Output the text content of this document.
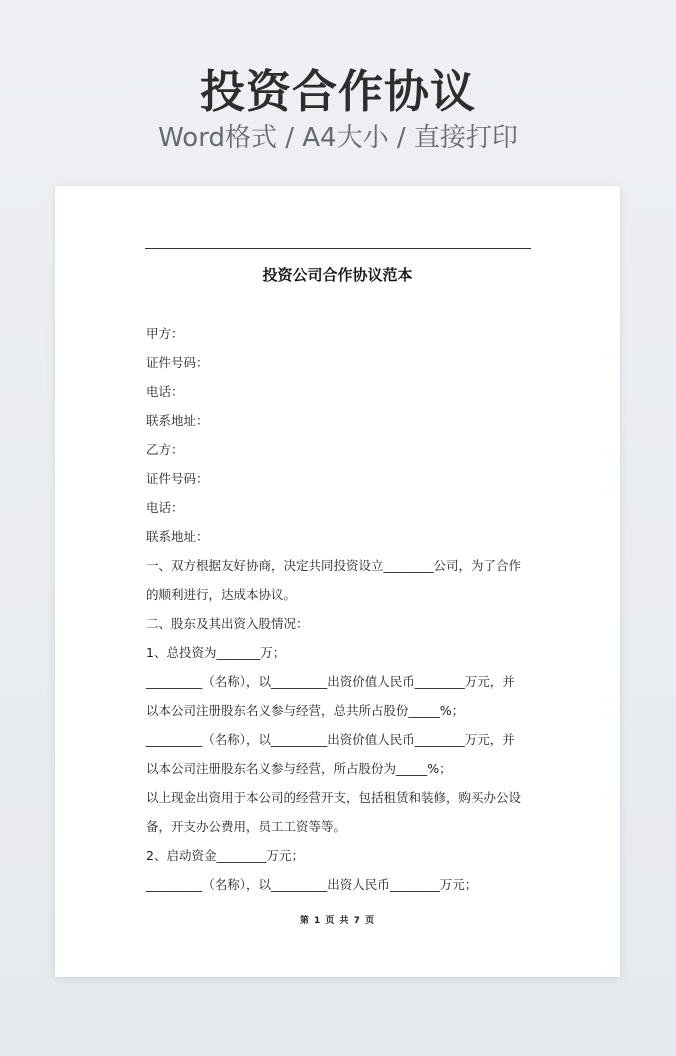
投资合作协议
Word格式 / A4大小 / 直接打印
投资公司合作协议范本
甲方：
证件号码：
电话：
联系地址：
乙方：
证件号码：
电话：
联系地址：
一、双方根据友好协商，决定共同投资设立________公司，为了合作
的顺利进行，达成本协议。
二、股东及其出资入股情况：
1、总投资为_______万；
_________（名称），以_________出资价值人民币________万元，并
以本公司注册股东名义参与经营，总共所占股份_____%；
_________（名称），以_________出资价值人民币________万元，并
以本公司注册股东名义参与经营，所占股份为_____%；
以上现金出资用于本公司的经营开支，包括租赁和装修，购买办公设
备，开支办公费用，员工工资等等。
2、启动资金________万元；
_________（名称），以_________出资人民币________万元；
第 1 页 共 7 页
